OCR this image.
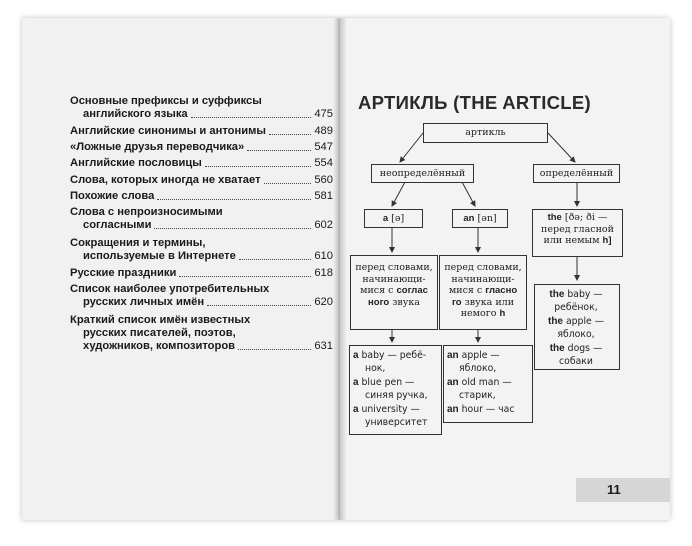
Основные префиксы и суффиксы
английского языка	475
Английские синонимы и антонимы	489
«Ложные друзья переводчика»	547
Английские пословицы	554
Слова, которых иногда не хватает	560
Похожие слова	581
Слова с непроизносимыми
согласными	602
Сокращения и термины,
используемые в Интернете	610
Русские праздники	618
Список наиболее употребительных
русских личных имён	620
Краткий список имён известных
русских писателей, поэтов,
художников, композиторов	631
АРТИКЛЬ (THE ARTICLE)
артикль
неопределённый	определённый
a [ə]	an [ən]	the [ðə; ði —
перед гласной
или немым h]
перед словами,
начинающи-
мися с соглас
ного звука
перед словами,
начинающи-
мися с гласно
го звука или
немого h
a baby — ребё-
нок,
a blue pen —
синяя ручка,
a university —
университет
an apple —
яблоко,
an old man —
старик,
an hour — час
the baby —
ребёнок,
the apple —
яблоко,
the dogs —
собаки
11
